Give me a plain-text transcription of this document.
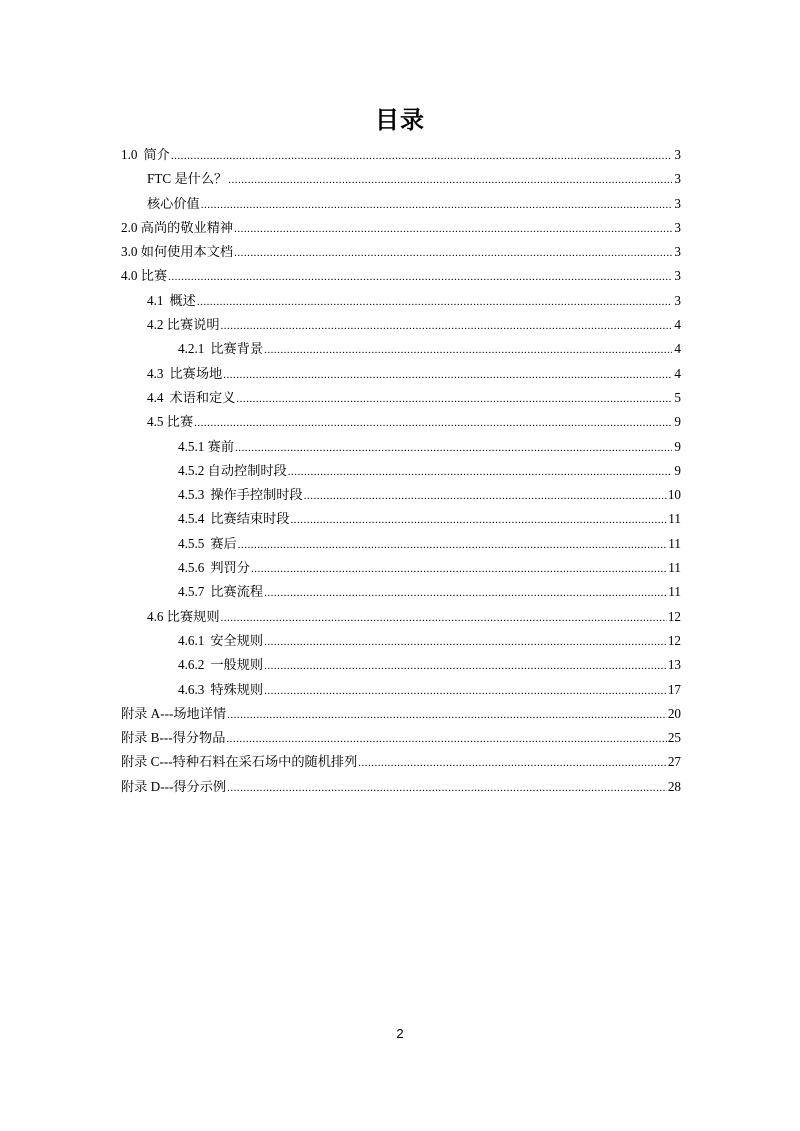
目录
1.0 简介 .....	3
FTC 是什么？ .....	3
核心价值 .....	3
2.0 高尚的敬业精神 .....	3
3.0 如何使用本文档 .....	3
4.0 比赛 .....	3
4.1 概述 .....	3
4.2 比赛说明 .....	4
4.2.1 比赛背景 .....	4
4.3 比赛场地 .....	4
4.4 术语和定义 .....	5
4.5 比赛 .....	9
4.5.1 赛前 .....	9
4.5.2 自动控制时段 .....	9
4.5.3 操作手控制时段 .....	10
4.5.4 比赛结束时段 .....	11
4.5.5 赛后 .....	11
4.5.6 判罚分 .....	11
4.5.7 比赛流程 .....	11
4.6 比赛规则 .....	12
4.6.1 安全规则 .....	12
4.6.2 一般规则 .....	13
4.6.3 特殊规则 .....	17
附录 A---场地详情 .....	20
附录 B---得分物品 .....	25
附录 C---特种石料在采石场中的随机排列 .....	27
附录 D---得分示例 .....	28
2
